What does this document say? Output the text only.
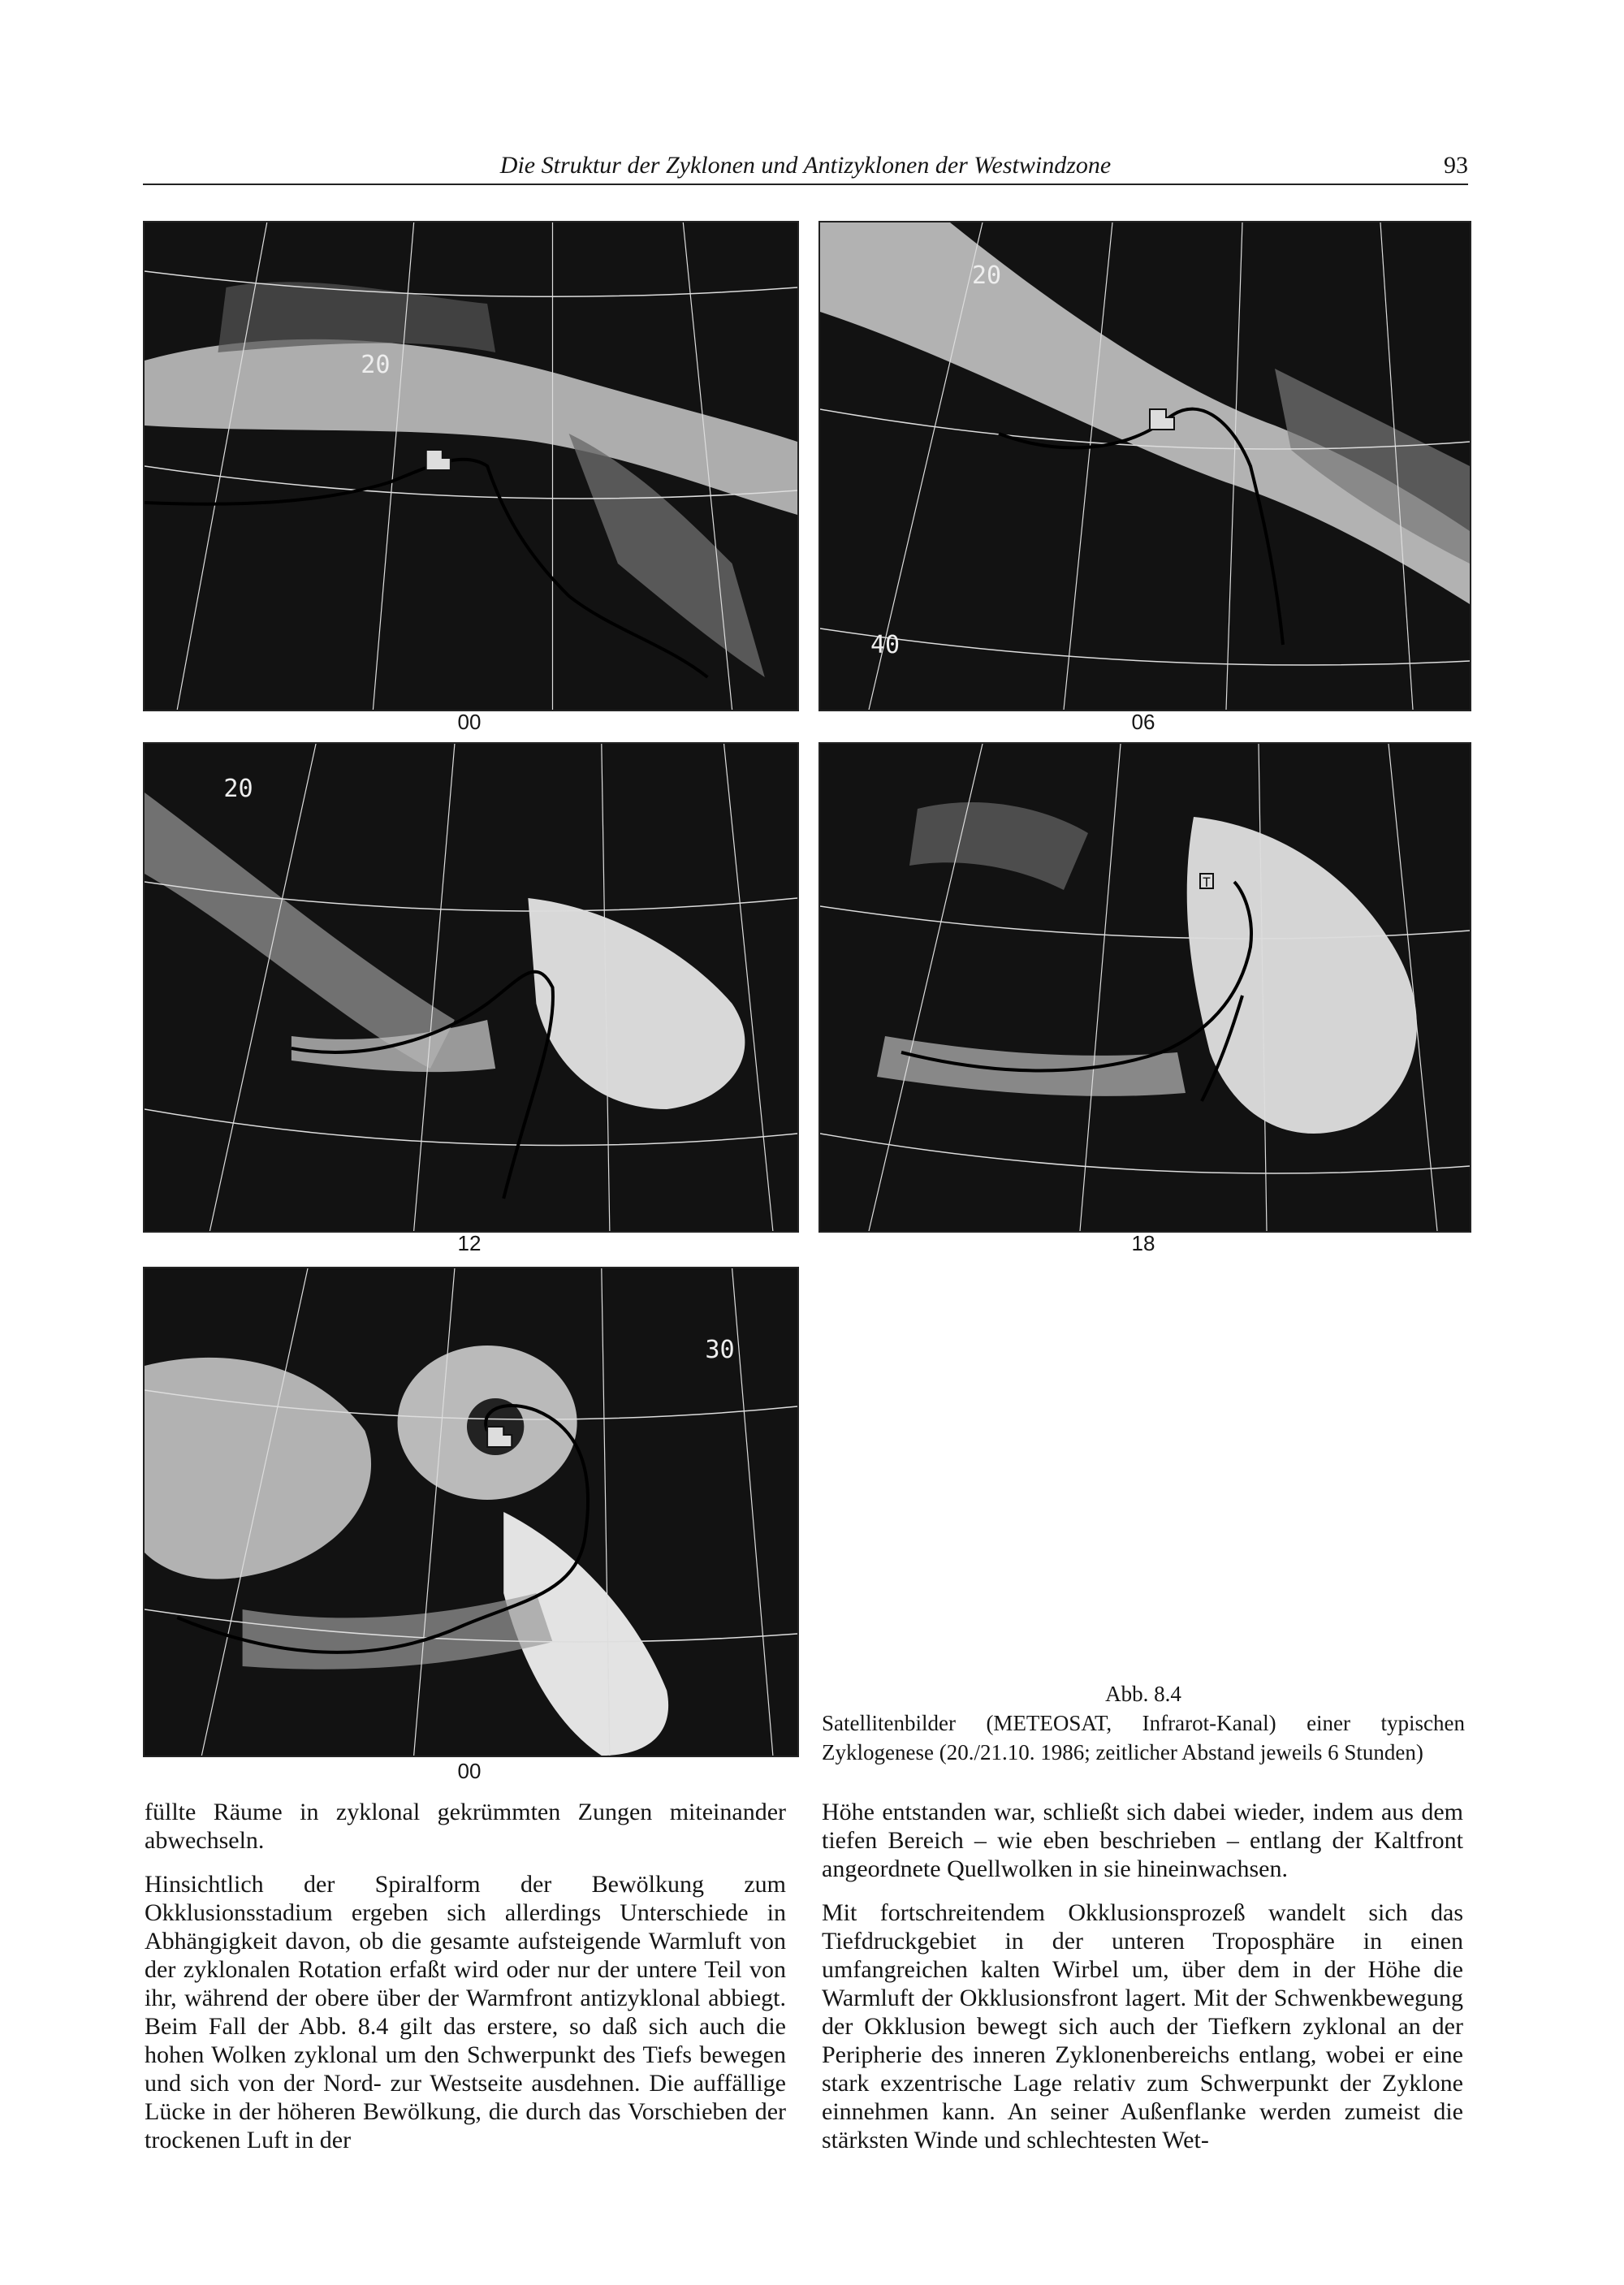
Die Struktur der Zyklonen und Antizyklonen der Westwindzone	93
20
00
20
40
06
20
12
T
18
30
00
Abb. 8.4
Satellitenbilder (METEOSAT, Infrarot-Kanal) einer typischen Zyklogenese (20./21.10. 1986; zeitlicher Abstand jeweils 6 Stunden)

füllte Räume in zyklonal gekrümmten Zungen miteinander abwechseln.

Hinsichtlich der Spiralform der Bewölkung zum Okklusionsstadium ergeben sich allerdings Unterschiede in Abhängigkeit davon, ob die gesamte aufsteigende Warmluft von der zyklonalen Rotation erfaßt wird oder nur der untere Teil von ihr, während der obere über der Warmfront antizyklonal abbiegt. Beim Fall der Abb. 8.4 gilt das erstere, so daß sich auch die hohen Wolken zyklonal um den Schwerpunkt des Tiefs bewegen und sich von der Nord- zur Westseite ausdehnen. Die auffällige Lücke in der höheren Bewölkung, die durch das Vorschieben der trockenen Luft in der

Höhe entstanden war, schließt sich dabei wieder, indem aus dem tiefen Bereich – wie eben beschrieben – entlang der Kaltfront angeordnete Quellwolken in sie hineinwachsen.

Mit fortschreitendem Okklusionsprozeß wandelt sich das Tiefdruckgebiet in der unteren Troposphäre in einen umfangreichen kalten Wirbel um, über dem in der Höhe die Warmluft der Okklusionsfront lagert. Mit der Schwenkbewegung der Okklusion bewegt sich auch der Tiefkern zyklonal an der Peripherie des inneren Zyklonenbereichs entlang, wobei er eine stark exzentrische Lage relativ zum Schwerpunkt der Zyklone einnehmen kann. An seiner Außenflanke werden zumeist die stärksten Winde und schlechtesten Wet-
